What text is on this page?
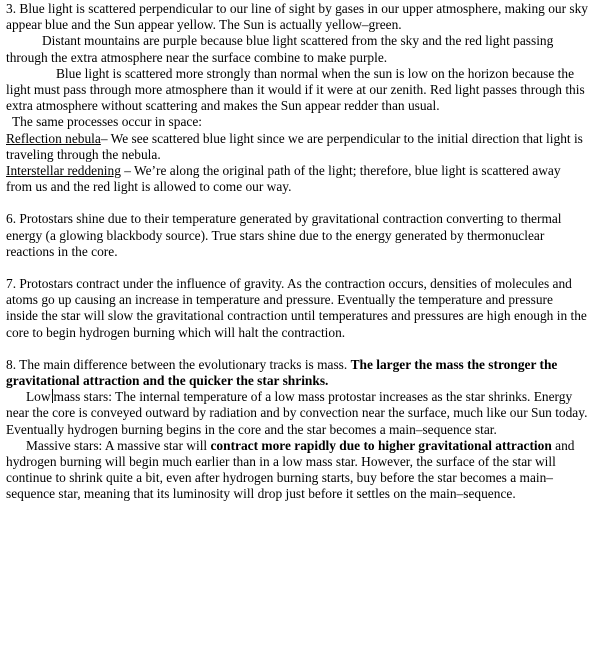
3. Blue light is scattered perpendicular to our line of sight by gases in our upper atmosphere, making our sky appear blue and the Sun appear yellow. The Sun is actually yellow–green.

Distant mountains are purple because blue light scattered from the sky and the red light passing through the extra atmosphere near the surface combine to make purple.

Blue light is scattered more strongly than normal when the sun is low on the horizon because the light must pass through more atmosphere than it would if it were at our zenith. Red light passes through this extra atmosphere without scattering and makes the Sun appear redder than usual.

The same processes occur in space:

Reflection nebula– We see scattered blue light since we are perpendicular to the initial direction that light is traveling through the nebula.

Interstellar reddening – We’re along the original path of the light; therefore, blue light is scattered away from us and the red light is allowed to come our way.

6. Protostars shine due to their temperature generated by gravitational contraction converting to thermal energy (a glowing blackbody source). True stars shine due to the energy generated by thermonuclear reactions in the core.

7. Protostars contract under the influence of gravity. As the contraction occurs, densities of molecules and atoms go up causing an increase in temperature and pressure. Eventually the temperature and pressure inside the star will slow the gravitational contraction until temperatures and pressures are high enough in the core to begin hydrogen burning which will halt the contraction.

8. The main difference between the evolutionary tracks is mass. The larger the mass the stronger the gravitational attraction and the quicker the star shrinks.

Low mass stars: The internal temperature of a low mass protostar increases as the star shrinks. Energy near the core is conveyed outward by radiation and by convection near the surface, much like our Sun today. Eventually hydrogen burning begins in the core and the star becomes a main–sequence star.

Massive stars: A massive star will contract more rapidly due to higher gravitational attraction and hydrogen burning will begin much earlier than in a low mass star. However, the surface of the star will continue to shrink quite a bit, even after hydrogen burning starts, buy before the star becomes a main–sequence star, meaning that its luminosity will drop just before it settles on the main–sequence.
